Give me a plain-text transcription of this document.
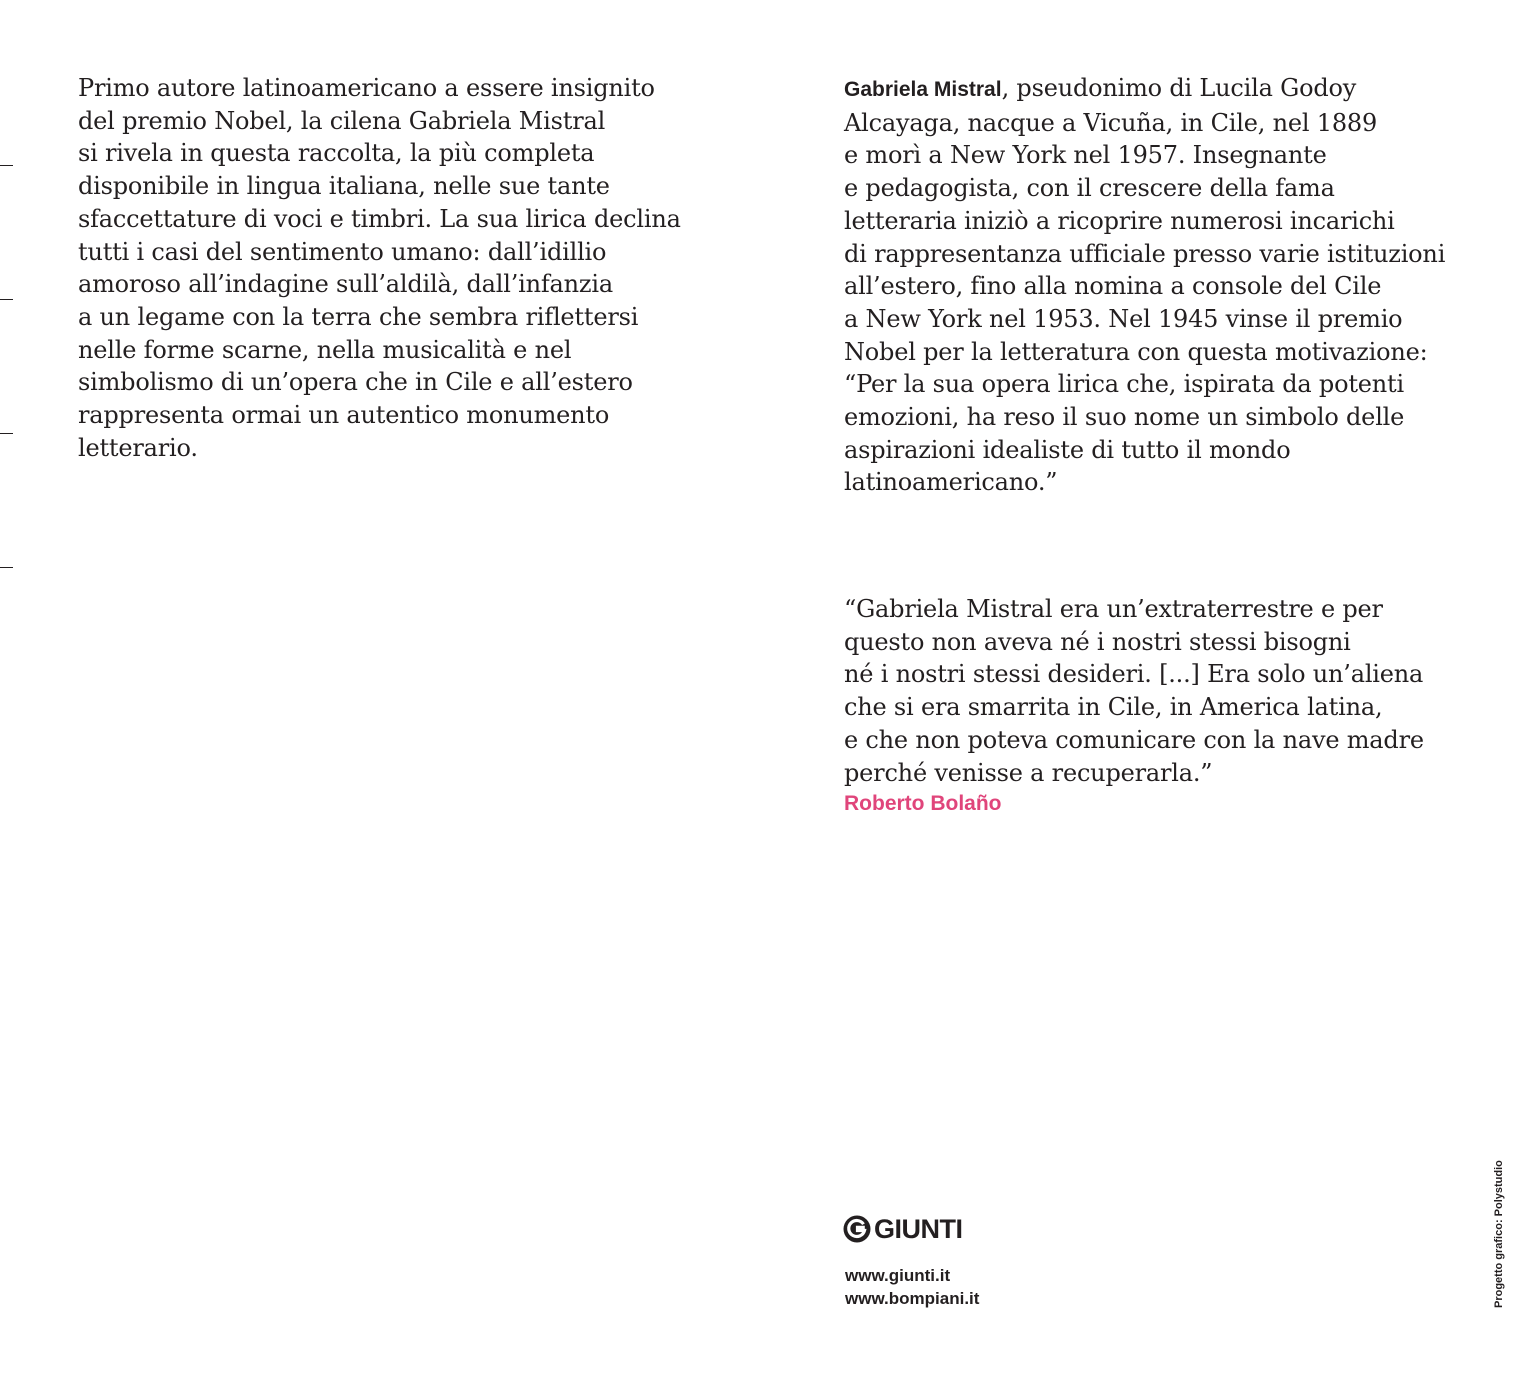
Primo autore latinoamericano a essere insignito
del premio Nobel, la cilena Gabriela Mistral
si rivela in questa raccolta, la più completa
disponibile in lingua italiana, nelle sue tante
sfaccettature di voci e timbri. La sua lirica declina
tutti i casi del sentimento umano: dall’idillio
amoroso all’indagine sull’aldilà, dall’infanzia
a un legame con la terra che sembra riflettersi
nelle forme scarne, nella musicalità e nel
simbolismo di un’opera che in Cile e all’estero
rappresenta ormai un autentico monumento
letterario.
Gabriela Mistral, pseudonimo di Lucila Godoy
Alcayaga, nacque a Vicuña, in Cile, nel 1889
e morì a New York nel 1957. Insegnante
e pedagogista, con il crescere della fama
letteraria iniziò a ricoprire numerosi incarichi
di rappresentanza ufficiale presso varie istituzioni
all’estero, fino alla nomina a console del Cile
a New York nel 1953. Nel 1945 vinse il premio
Nobel per la letteratura con questa motivazione:
“Per la sua opera lirica che, ispirata da potenti
emozioni, ha reso il suo nome un simbolo delle
aspirazioni idealiste di tutto il mondo
latinoamericano.”
“Gabriela Mistral era un’extraterrestre e per
questo non aveva né i nostri stessi bisogni
né i nostri stessi desideri. [...] Era solo un’aliena
che si era smarrita in Cile, in America latina,
e che non poteva comunicare con la nave madre
perché venisse a recuperarla.”
Roberto Bolaño
GIUNTI
www.giunti.it
www.bompiani.it	Progetto grafico: Polystudio
